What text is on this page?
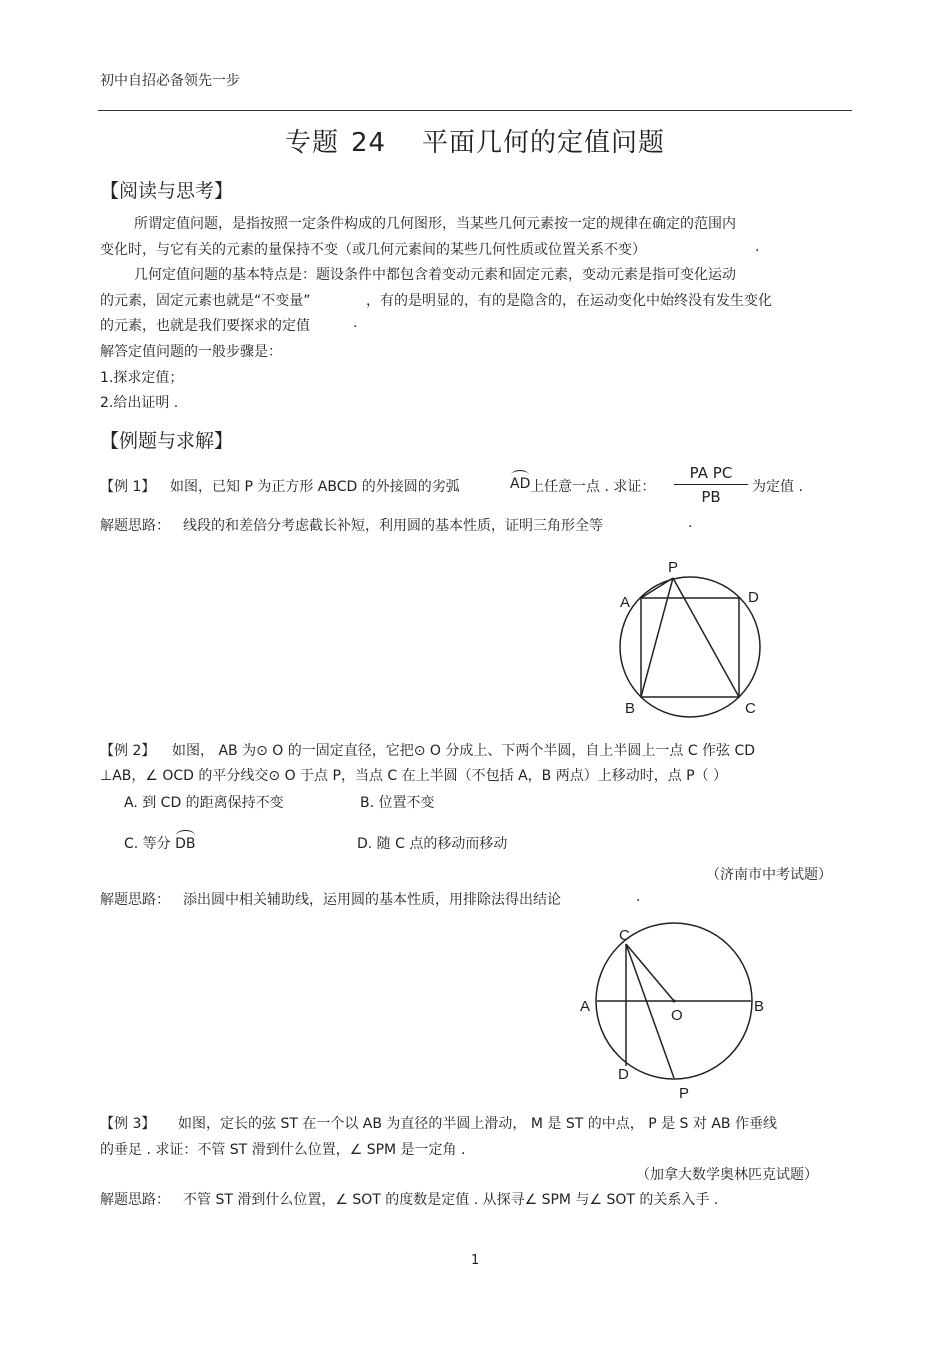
初中自招必备领先一步
专题 24 平面几何的定值问题
【阅读与思考】
所谓定值问题，是指按照一定条件构成的几何图形，当某些几何元素按一定的规律在确定的范围内
变化时，与它有关的元素的量保持不变（或几何元素间的某些几何性质或位置关系不变）	.
几何定值问题的基本特点是：题设条件中都包含着变动元素和固定元素，变动元素是指可变化运动
的元素，固定元素也就是“不变量”	，有的是明显的，有的是隐含的，在运动变化中始终没有发生变化
的元素，也就是我们要探求的定值	.
解答定值问题的一般步骤是：
1.探求定值；
2.给出证明 .
【例题与求解】
【例 1】 如图，已知 P 为正方形 ABCD 的外接圆的劣弧	AD 上任意一点 . 求证： $\frac{\text{PA PC}}{PB}$ 为定值 .
解题思路： 线段的和差倍分考虑截长补短，利用圆的基本性质，证明三角形全等	.
P
A	D
B	C
【例 2】 如图， AB 为⊙ O 的一固定直径，它把⊙ O 分成上、下两个半圆，自上半圆上一点 C 作弦 CD
⊥AB，∠ OCD 的平分线交⊙ O 于点 P，当点 C 在上半圆（不包括 A，B 两点）上移动时，点 P（ ）
A. 到 CD 的距离保持不变	B. 位置不变
C. 等分 DB	D. 随 C 点的移动而移动
（济南市中考试题）
解题思路： 添出圆中相关辅助线，运用圆的基本性质，用排除法得出结论	.
C
A
O
B
D
P
【例 3】 如图，定长的弦 ST 在一个以 AB 为直径的半圆上滑动， M 是 ST 的中点， P 是 S 对 AB 作垂线
的垂足 . 求证：不管 ST 滑到什么位置，∠ SPM 是一定角 .
（加拿大数学奥林匹克试题）
解题思路： 不管 ST 滑到什么位置，∠ SOT 的度数是定值 . 从探寻∠ SPM 与∠ SOT 的关系入手 .
1
